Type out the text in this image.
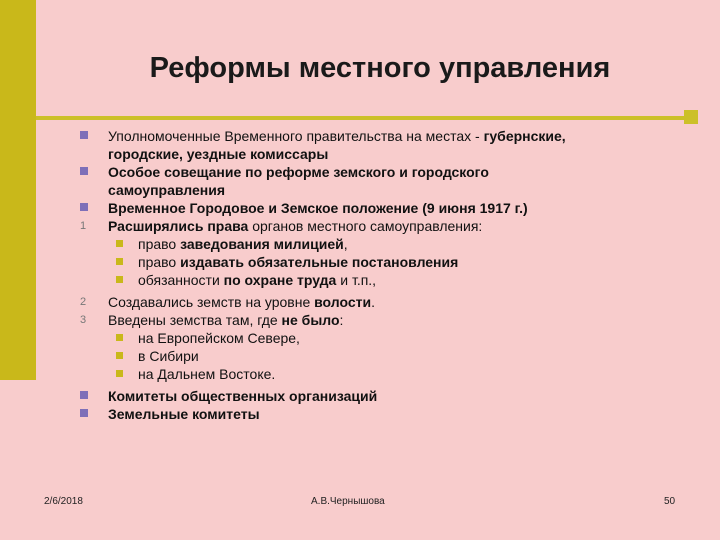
Реформы местного управления
Уполномоченные Временного правительства на местах - губернские,
городские, уездные комиссары
Особое совещание по реформе земского и городского
самоуправления
Временное Городовое и Земское положение (9 июня 1917 г.)
1 Расширялись права органов местного самоуправления:
право заведования милицией,
право издавать обязательные постановления
обязанности по охране труда и т.п.,
2 Создавались земств на уровне волости.
3 Введены земства там, где не было:
на Европейском Севере,
в Сибири
на Дальнем Востоке.
Комитеты общественных организаций
Земельные комитеты
2/6/2018	А.В.Чернышова	50
